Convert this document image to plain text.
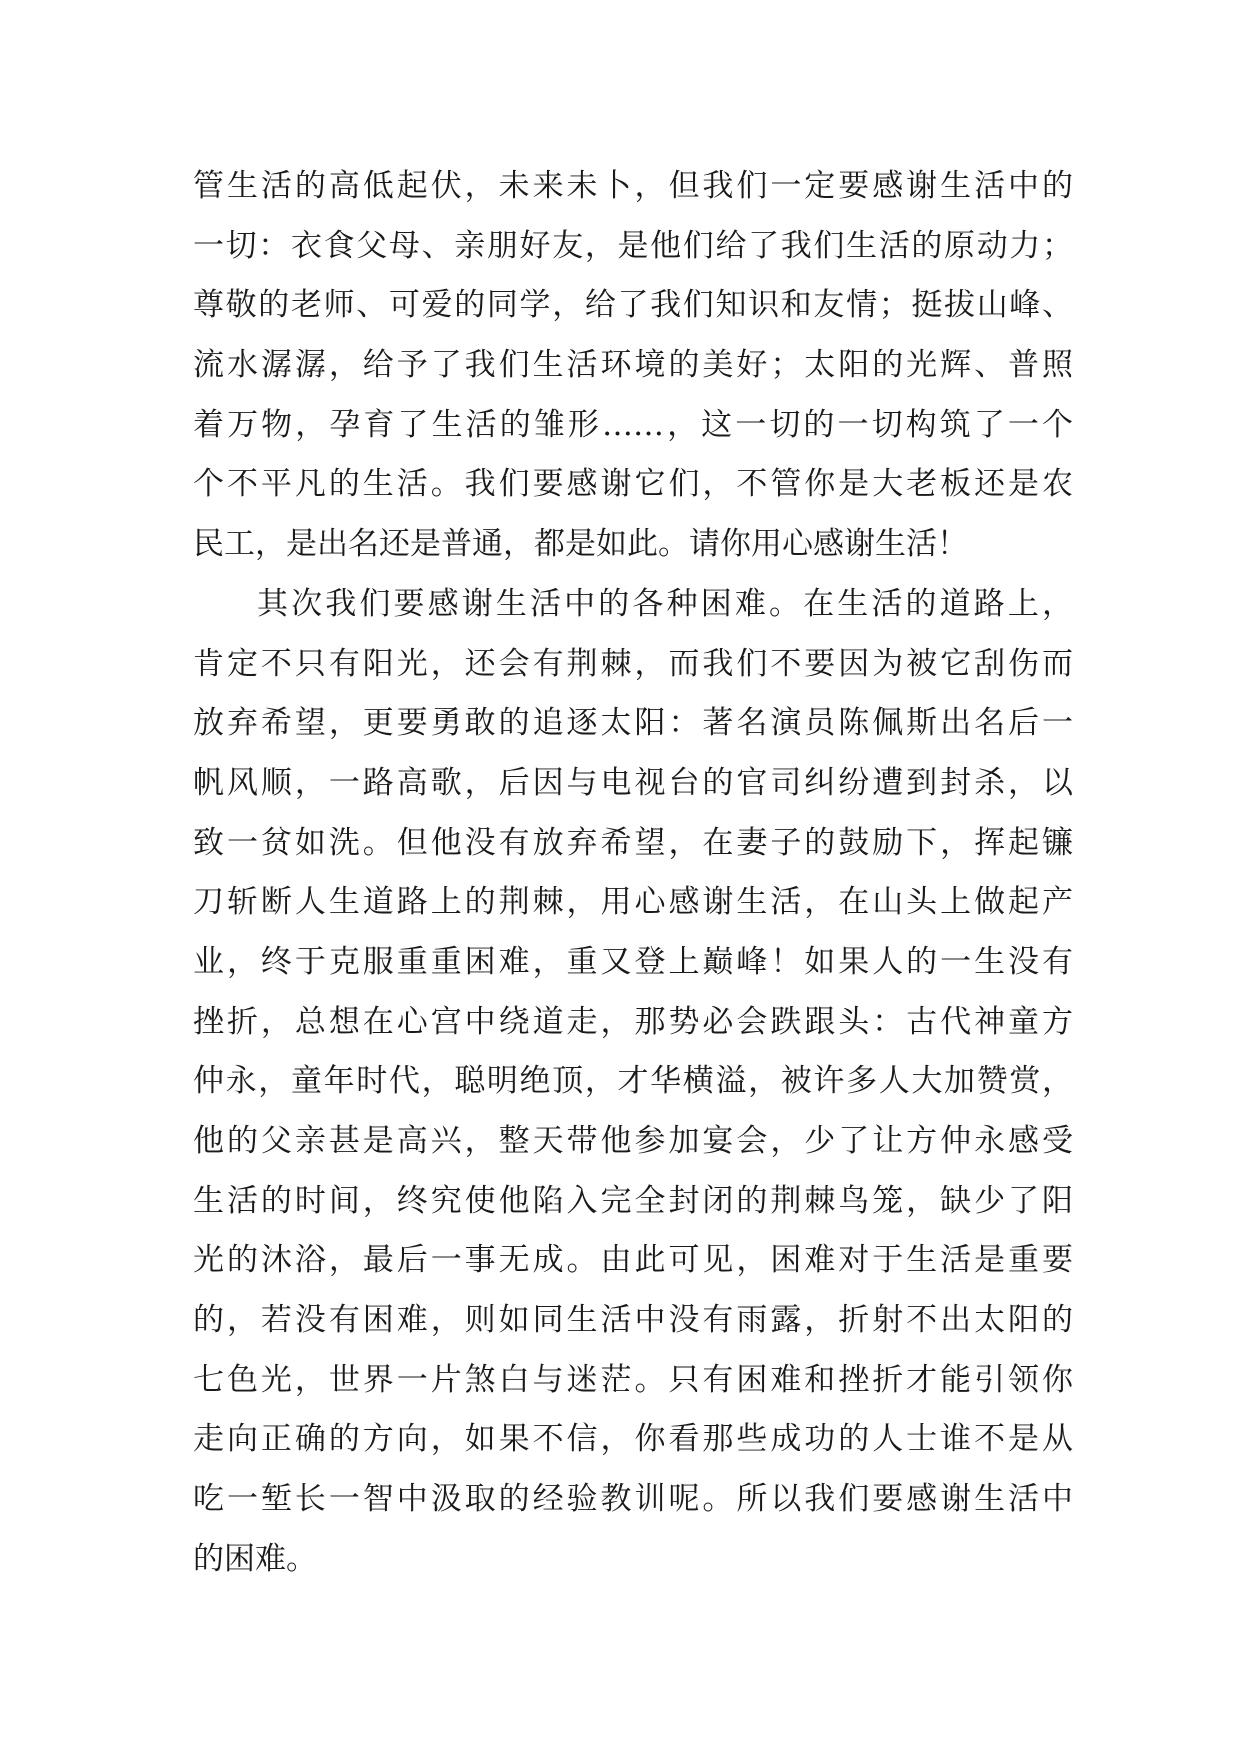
管生活的高低起伏，未来未卜，但我们一定要感谢生活中的
一切：衣食父母、亲朋好友，是他们给了我们生活的原动力；
尊敬的老师、可爱的同学，给了我们知识和友情；挺拔山峰、
流水潺潺，给予了我们生活环境的美好；太阳的光辉、普照
着万物，孕育了生活的雏形……，这一切的一切构筑了一个
个不平凡的生活。我们要感谢它们，不管你是大老板还是农
民工，是出名还是普通，都是如此。请你用心感谢生活！
其次我们要感谢生活中的各种困难。在生活的道路上，
肯定不只有阳光，还会有荆棘，而我们不要因为被它刮伤而
放弃希望，更要勇敢的追逐太阳：著名演员陈佩斯出名后一
帆风顺，一路高歌，后因与电视台的官司纠纷遭到封杀，以
致一贫如洗。但他没有放弃希望，在妻子的鼓励下，挥起镰
刀斩断人生道路上的荆棘，用心感谢生活，在山头上做起产
业，终于克服重重困难，重又登上巅峰！如果人的一生没有
挫折，总想在心宫中绕道走，那势必会跌跟头：古代神童方
仲永，童年时代，聪明绝顶，才华横溢，被许多人大加赞赏，
他的父亲甚是高兴，整天带他参加宴会，少了让方仲永感受
生活的时间，终究使他陷入完全封闭的荆棘鸟笼，缺少了阳
光的沐浴，最后一事无成。由此可见，困难对于生活是重要
的，若没有困难，则如同生活中没有雨露，折射不出太阳的
七色光，世界一片煞白与迷茫。只有困难和挫折才能引领你
走向正确的方向，如果不信，你看那些成功的人士谁不是从
吃一堑长一智中汲取的经验教训呢。所以我们要感谢生活中
的困难。
